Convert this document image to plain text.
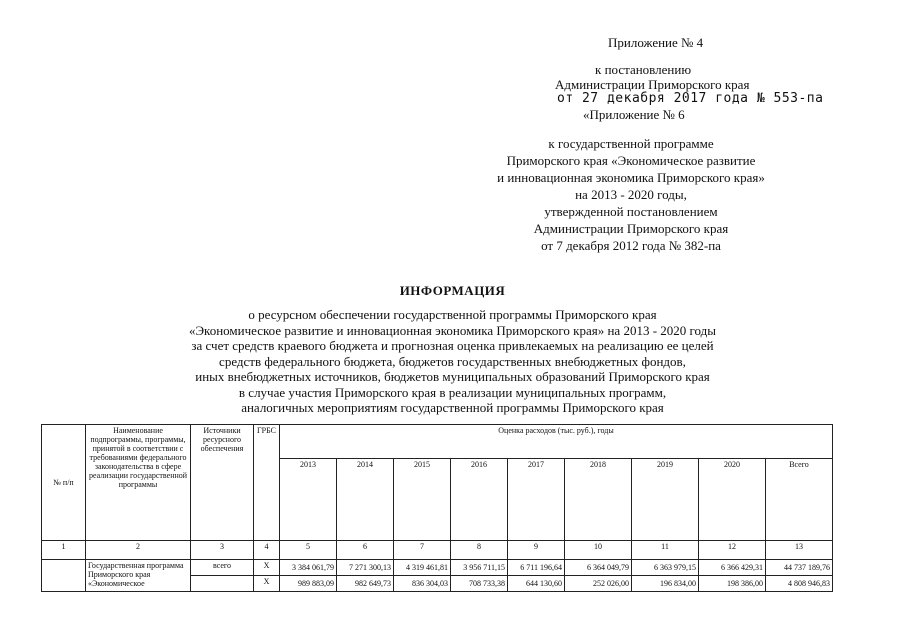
Приложение № 4
к постановлению
Администрации Приморского края
от 27 декабря 2017 года № 553-па
«Приложение № 6
к государственной программе
Приморского края «Экономическое развитие
и инновационная экономика Приморского края»
на 2013 - 2020 годы,
утвержденной постановлением
Администрации Приморского края
от 7 декабря 2012 года № 382-па
ИНФОРМАЦИЯ
о ресурсном обеспечении государственной программы Приморского края
«Экономическое развитие и инновационная экономика Приморского края» на 2013 - 2020 годы
за счет средств краевого бюджета и прогнозная оценка привлекаемых на реализацию ее целей
средств федерального бюджета, бюджетов государственных внебюджетных фондов,
иных внебюджетных источников, бюджетов муниципальных образований Приморского края
в случае участия Приморского края в реализации муниципальных программ,
аналогичных мероприятиям государственной программы Приморского края
№ п/п	Наименование подпрограммы, программы, принятой в соответствии с требованиями федерального законодательства в сфере реализации государственной программы	Источники ресурсного обеспечения	ГРБС	Оценка расходов (тыс. руб.), годы								
				2013	2014	2015	2016	2017	2018	2019	2020	Всего
1	2	3	4	5	6	7	8	9	10	11	12	13
	Государственная программа Приморского края «Экономическое	всего	Х	3 384 061,79	7 271 300,13	4 319 461,81	3 956 711,15	6 711 196,64	6 364 049,79	6 363 979,15	6 366 429,31	44 737 189,76
			Х	989 883,09	982 649,73	836 304,03	708 733,38	644 130,60	252 026,00	196 834,00	198 386,00	4 808 946,83
